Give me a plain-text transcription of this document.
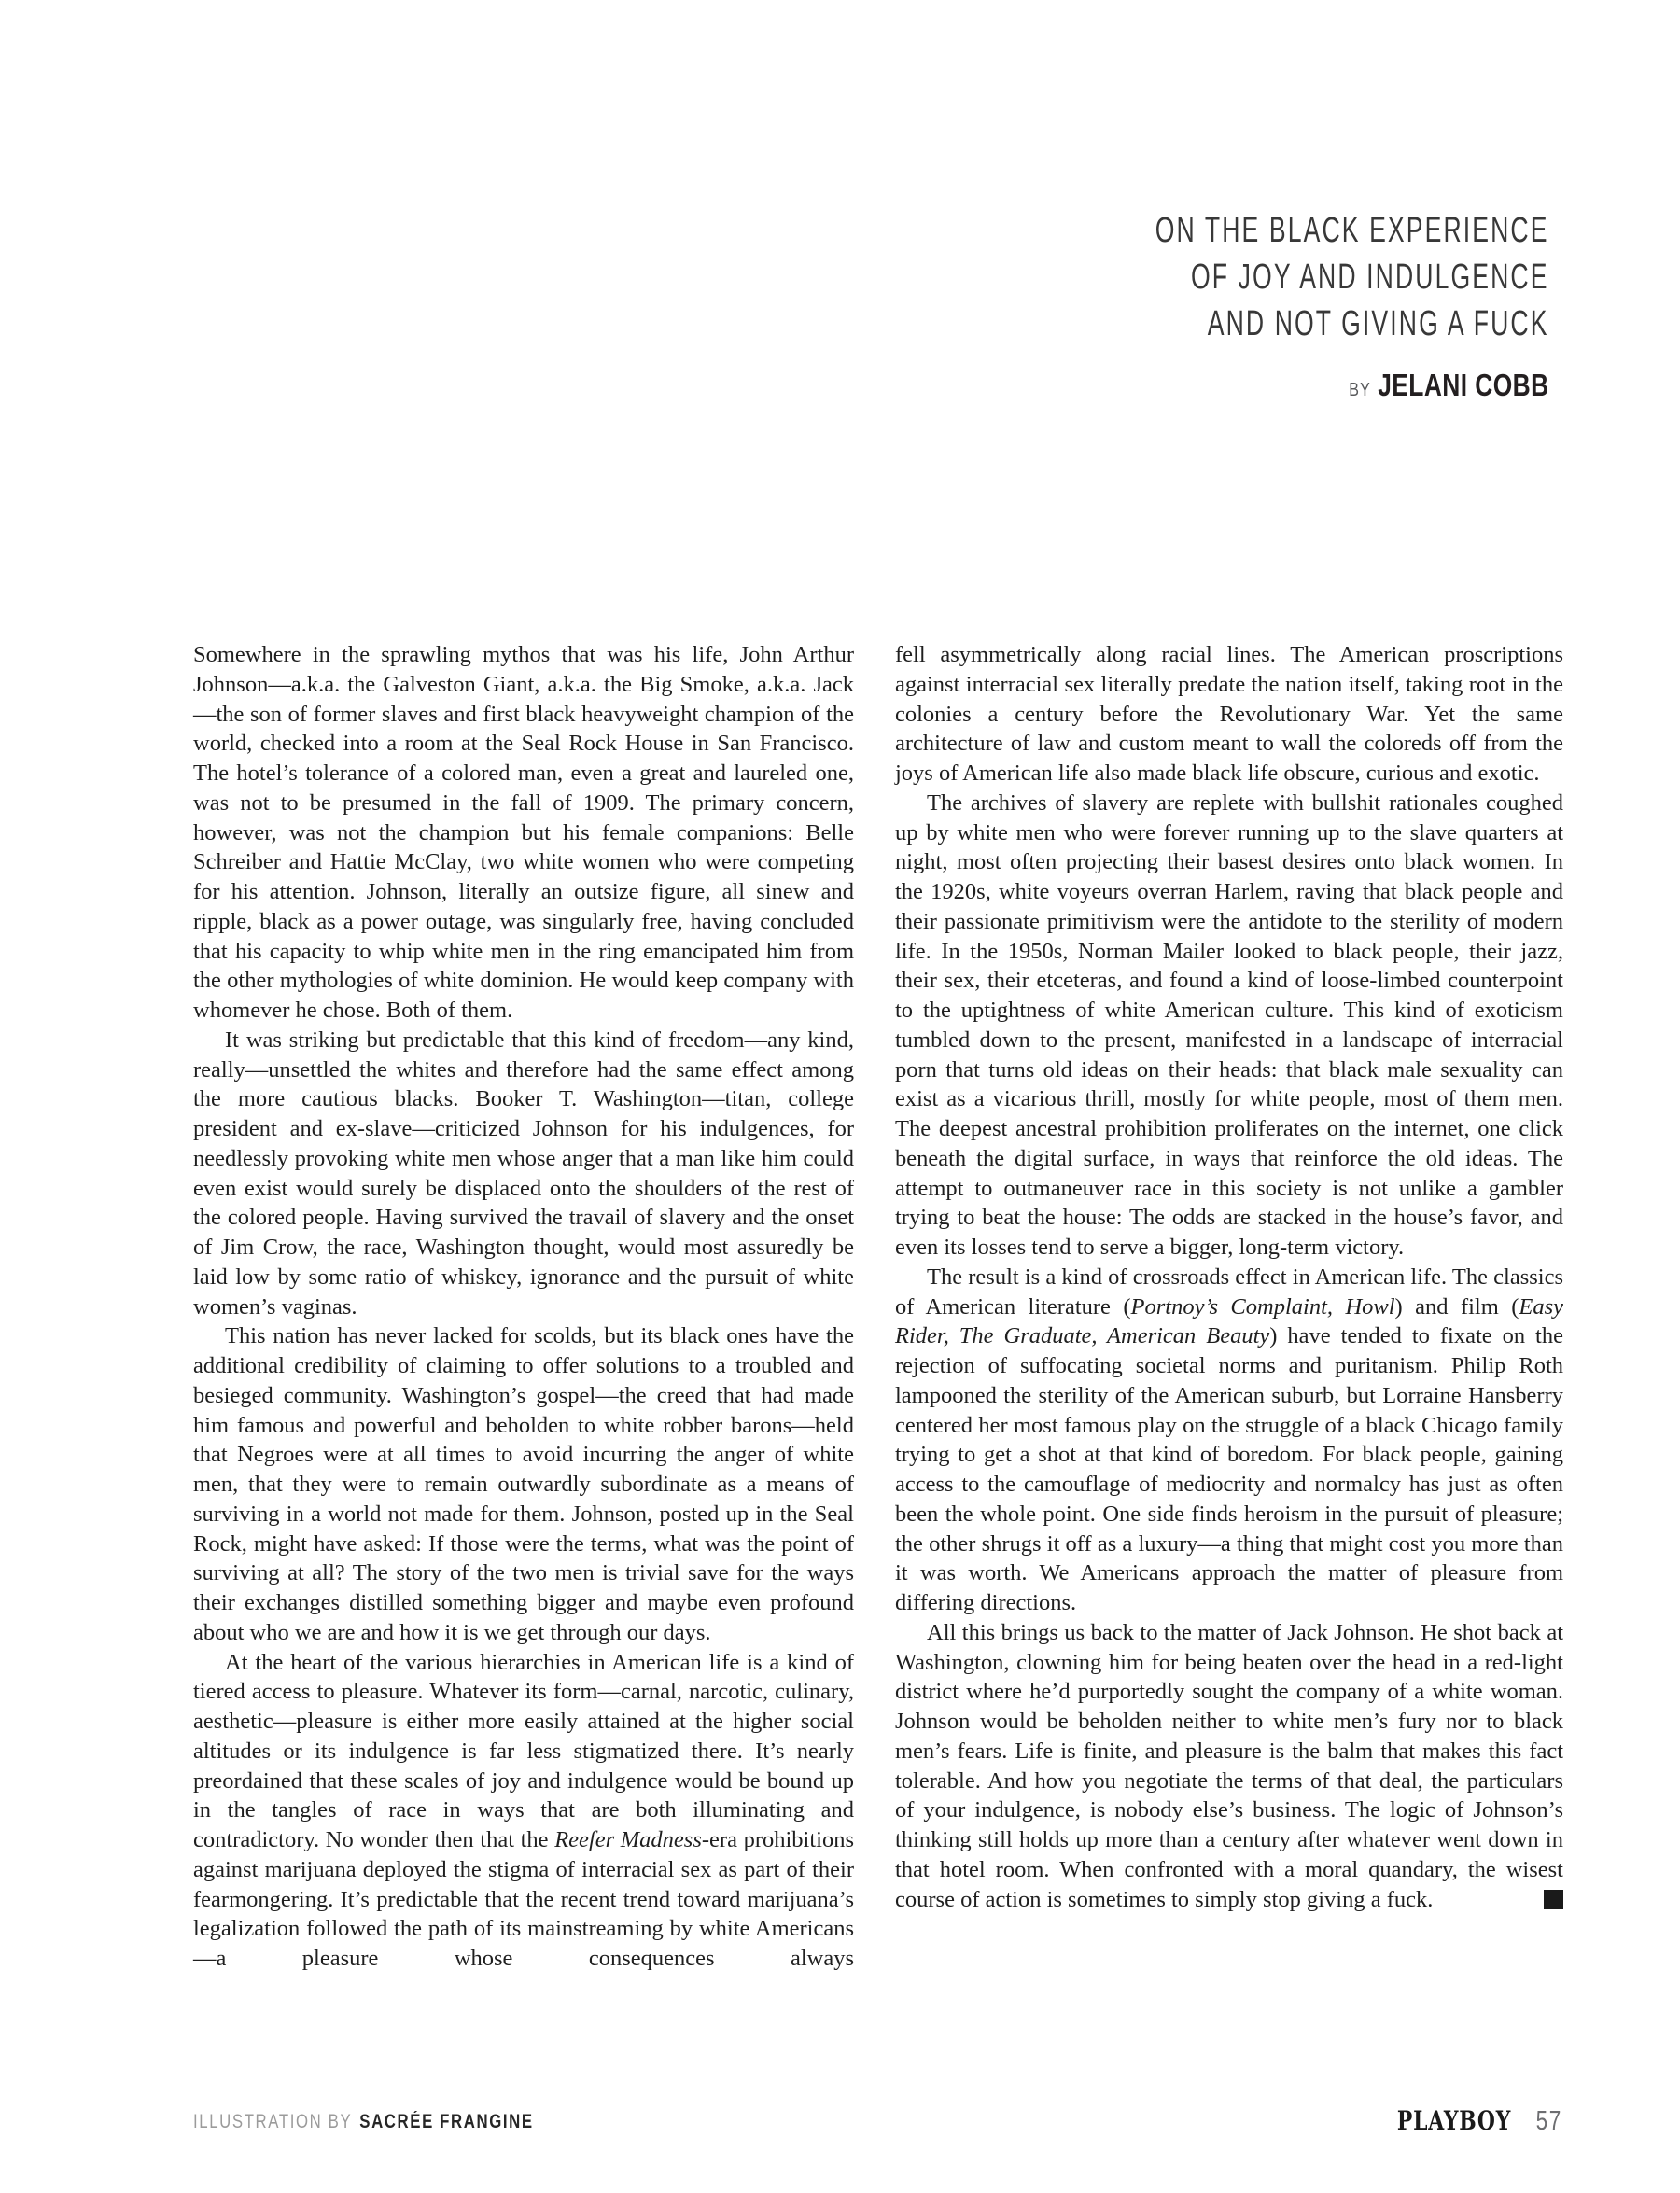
ON THE BLACK EXPERIENCE
OF JOY AND INDULGENCE
AND NOT GIVING A FUCK
BY JELANI COBB

Somewhere in the sprawling mythos that was his life, John Arthur Johnson—a.k.a. the Galveston Giant, a.k.a. the Big Smoke, a.k.a. Jack—the son of former slaves and first black heavyweight champion of the world, checked into a room at the Seal Rock House in San Francisco. The hotel’s tolerance of a colored man, even a great and laureled one, was not to be presumed in the fall of 1909. The primary concern, however, was not the champion but his female companions: Belle Schreiber and Hattie McClay, two white women who were competing for his attention. Johnson, literally an outsize figure, all sinew and ripple, black as a power outage, was singularly free, having concluded that his capacity to whip white men in the ring emancipated him from the other mythologies of white dominion. He would keep company with whomever he chose. Both of them.

It was striking but predictable that this kind of freedom—any kind, really—unsettled the whites and therefore had the same effect among the more cautious blacks. Booker T. Washington—titan, college president and ex-slave—criticized Johnson for his indulgences, for needlessly provoking white men whose anger that a man like him could even exist would surely be displaced onto the shoulders of the rest of the colored people. Having survived the travail of slavery and the onset of Jim Crow, the race, Washington thought, would most assuredly be laid low by some ratio of whiskey, ignorance and the pursuit of white women’s vaginas.

This nation has never lacked for scolds, but its black ones have the additional credibility of claiming to offer solutions to a troubled and besieged community. Washington’s gospel—the creed that had made him famous and powerful and beholden to white robber barons—held that Negroes were at all times to avoid incurring the anger of white men, that they were to remain outwardly subordinate as a means of surviving in a world not made for them. Johnson, posted up in the Seal Rock, might have asked: If those were the terms, what was the point of surviving at all? The story of the two men is trivial save for the ways their exchanges distilled something bigger and maybe even profound about who we are and how it is we get through our days.

At the heart of the various hierarchies in American life is a kind of tiered access to pleasure. Whatever its form—carnal, narcotic, culinary, aesthetic—pleasure is either more easily attained at the higher social altitudes or its indulgence is far less stigmatized there. It’s nearly preordained that these scales of joy and indulgence would be bound up in the tangles of race in ways that are both illuminating and contradictory. No wonder then that the Reefer Madness-era prohibitions against marijuana deployed the stigma of interracial sex as part of their fearmongering. It’s predictable that the recent trend toward marijuana’s legalization followed the path of its mainstreaming by white Americans—a pleasure whose consequences always

fell asymmetrically along racial lines. The American proscriptions against interracial sex literally predate the nation itself, taking root in the colonies a century before the Revolutionary War. Yet the same architecture of law and custom meant to wall the coloreds off from the joys of American life also made black life obscure, curious and exotic.

The archives of slavery are replete with bullshit rationales coughed up by white men who were forever running up to the slave quarters at night, most often projecting their basest desires onto black women. In the 1920s, white voyeurs overran Harlem, raving that black people and their passionate primitivism were the antidote to the sterility of modern life. In the 1950s, Norman Mailer looked to black people, their jazz, their sex, their etceteras, and found a kind of loose-limbed counterpoint to the uptightness of white American culture. This kind of exoticism tumbled down to the present, manifested in a landscape of interracial porn that turns old ideas on their heads: that black male sexuality can exist as a vicarious thrill, mostly for white people, most of them men. The deepest ancestral prohibition proliferates on the internet, one click beneath the digital surface, in ways that reinforce the old ideas. The attempt to outmaneuver race in this society is not unlike a gambler trying to beat the house: The odds are stacked in the house’s favor, and even its losses tend to serve a bigger, long-term victory.

The result is a kind of crossroads effect in American life. The classics of American literature (Portnoy’s Complaint, Howl) and film (Easy Rider, The Graduate, American Beauty) have tended to fixate on the rejection of suffocating societal norms and puritanism. Philip Roth lampooned the sterility of the American suburb, but Lorraine Hansberry centered her most famous play on the struggle of a black Chicago family trying to get a shot at that kind of boredom. For black people, gaining access to the camouflage of mediocrity and normalcy has just as often been the whole point. One side finds heroism in the pursuit of pleasure; the other shrugs it off as a luxury—a thing that might cost you more than it was worth. We Americans approach the matter of pleasure from differing directions.

All this brings us back to the matter of Jack Johnson. He shot back at Washington, clowning him for being beaten over the head in a red-light district where he’d purportedly sought the company of a white woman. Johnson would be beholden neither to white men’s fury nor to black men’s fears. Life is finite, and pleasure is the balm that makes this fact tolerable. And how you negotiate the terms of that deal, the particulars of your indulgence, is nobody else’s business. The logic of Johnson’s thinking still holds up more than a century after whatever went down in that hotel room. When confronted with a moral quandary, the wisest course of action is sometimes to simply stop giving a fuck.

ILLUSTRATION BY SACRÉE FRANGINE	PLAYBOY 57
